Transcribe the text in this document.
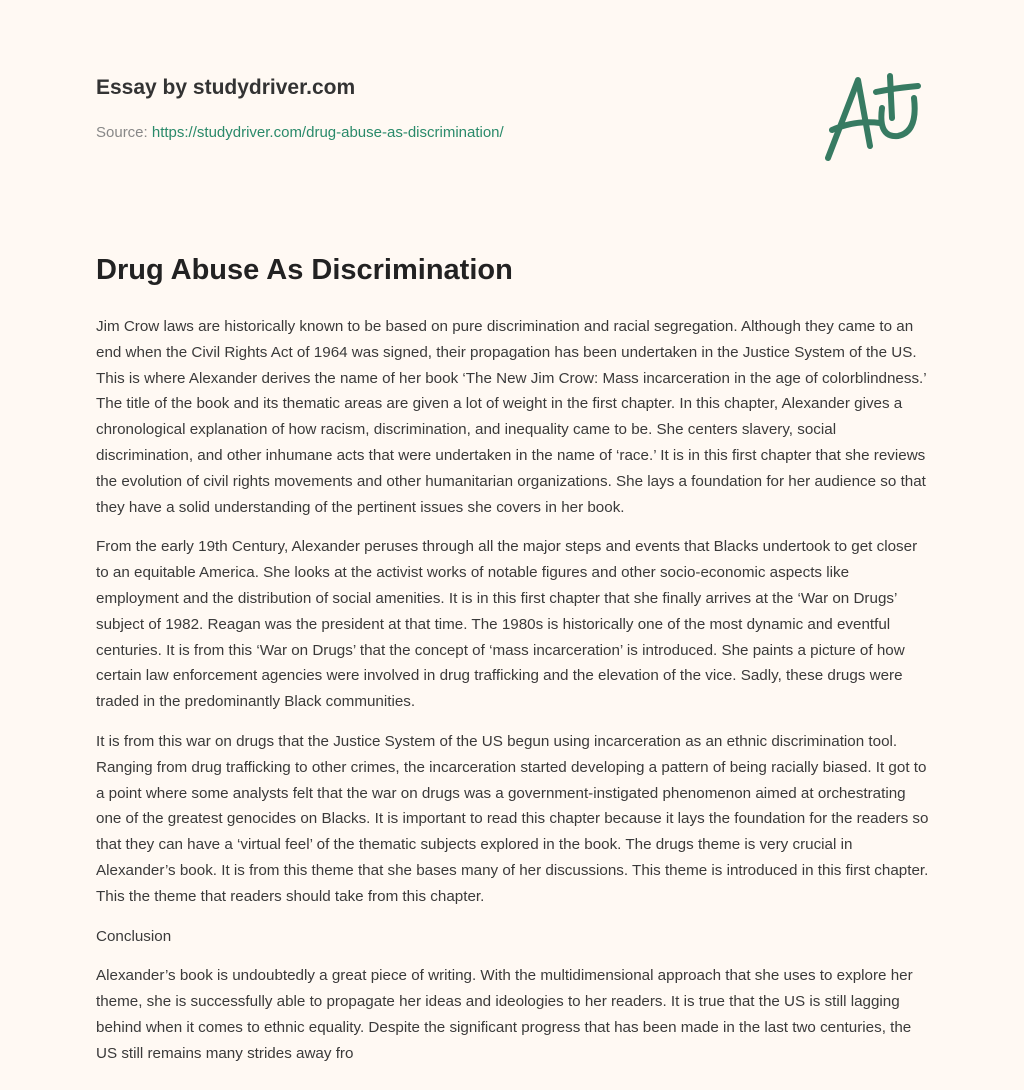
Essay by studydriver.com
Source: https://studydriver.com/drug-abuse-as-discrimination/
Drug Abuse As Discrimination

Jim Crow laws are historically known to be based on pure discrimination and racial segregation. Although they came to an end when the Civil Rights Act of 1964 was signed, their propagation has been undertaken in the Justice System of the US. This is where Alexander derives the name of her book ‘The New Jim Crow: Mass incarceration in the age of colorblindness.’ The title of the book and its thematic areas are given a lot of weight in the first chapter. In this chapter, Alexander gives a chronological explanation of how racism, discrimination, and inequality came to be. She centers slavery, social discrimination, and other inhumane acts that were undertaken in the name of ‘race.’ It is in this first chapter that she reviews the evolution of civil rights movements and other humanitarian organizations. She lays a foundation for her audience so that they have a solid understanding of the pertinent issues she covers in her book.

From the early 19th Century, Alexander peruses through all the major steps and events that Blacks undertook to get closer to an equitable America. She looks at the activist works of notable figures and other socio-economic aspects like employment and the distribution of social amenities. It is in this first chapter that she finally arrives at the ‘War on Drugs’ subject of 1982. Reagan was the president at that time. The 1980s is historically one of the most dynamic and eventful centuries. It is from this ‘War on Drugs’ that the concept of ‘mass incarceration’ is introduced. She paints a picture of how certain law enforcement agencies were involved in drug trafficking and the elevation of the vice. Sadly, these drugs were traded in the predominantly Black communities.

It is from this war on drugs that the Justice System of the US begun using incarceration as an ethnic discrimination tool. Ranging from drug trafficking to other crimes, the incarceration started developing a pattern of being racially biased. It got to a point where some analysts felt that the war on drugs was a government-instigated phenomenon aimed at orchestrating one of the greatest genocides on Blacks. It is important to read this chapter because it lays the foundation for the readers so that they can have a ‘virtual feel’ of the thematic subjects explored in the book. The drugs theme is very crucial in Alexander’s book. It is from this theme that she bases many of her discussions. This theme is introduced in this first chapter. This the theme that readers should take from this chapter.

Conclusion

Alexander’s book is undoubtedly a great piece of writing. With the multidimensional approach that she uses to explore her theme, she is successfully able to propagate her ideas and ideologies to her readers. It is true that the US is still lagging behind when it comes to ethnic equality. Despite the significant progress that has been made in the last two centuries, the US still remains many strides away fro
